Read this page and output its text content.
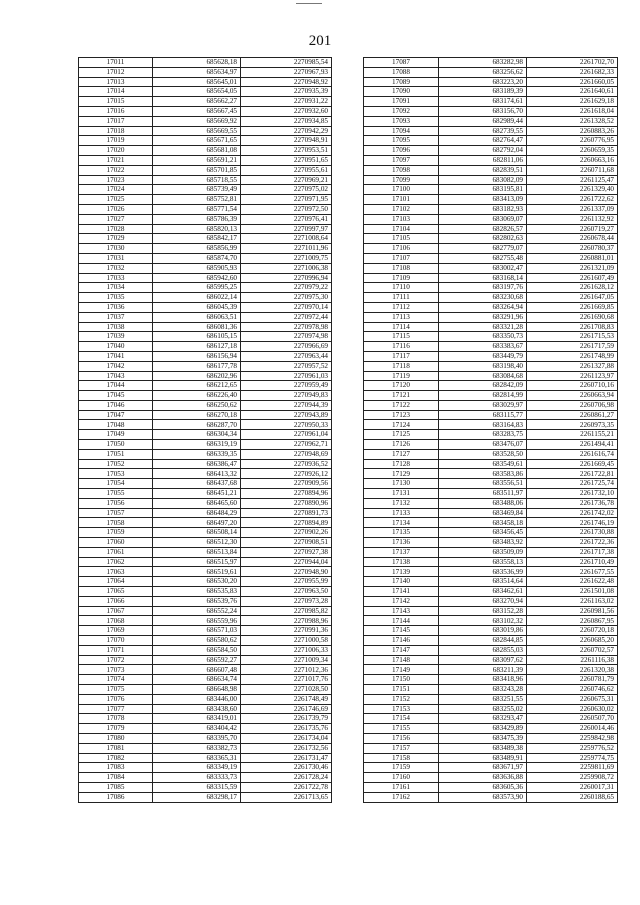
201
17011	685628,18	2270985,54
17012	685634,97	2270967,93
17013	685645,01	2270948,92
17014	685654,05	2270935,39
17015	685662,27	2270931,22
17016	685667,45	2270932,60
17017	685669,92	2270934,85
17018	685669,55	2270942,29
17019	685671,65	2270948,91
17020	685681,08	2270953,51
17021	685691,21	2270951,65
17022	685701,85	2270955,61
17023	685718,55	2270969,21
17024	685739,49	2270975,02
17025	685752,81	2270971,95
17026	685771,54	2270972,50
17027	685786,39	2270976,41
17028	685820,13	2270997,97
17029	685842,17	2271008,64
17030	685856,99	2271011,96
17031	685874,70	2271009,75
17032	685905,93	2271006,38
17033	685942,60	2270996,94
17034	685995,25	2270979,22
17035	686022,14	2270975,30
17036	686045,39	2270970,14
17037	686063,51	2270972,44
17038	686081,36	2270978,98
17039	686105,15	2270974,98
17040	686127,18	2270966,69
17041	686156,94	2270963,44
17042	686177,78	2270957,52
17043	686202,96	2270961,03
17044	686212,65	2270959,49
17045	686226,40	2270949,83
17046	686250,62	2270944,39
17047	686270,18	2270943,89
17048	686287,70	2270950,33
17049	686304,34	2270961,04
17050	686319,19	2270962,71
17051	686339,35	2270948,69
17052	686386,47	2270936,52
17053	686413,32	2270926,12
17054	686437,68	2270909,56
17055	686451,21	2270894,96
17056	686465,60	2270890,96
17057	686484,29	2270891,73
17058	686497,20	2270894,89
17059	686508,14	2270902,26
17060	686512,30	2270908,51
17061	686513,84	2270927,38
17062	686515,97	2270944,04
17063	686519,61	2270948,90
17064	686530,20	2270955,99
17065	686535,83	2270963,50
17066	686539,76	2270973,28
17067	686552,24	2270985,82
17068	686559,96	2270988,96
17069	686571,03	2270991,36
17070	686580,62	2271000,58
17071	686584,50	2271006,33
17072	686592,27	2271009,34
17073	686607,48	2271012,36
17074	686634,74	2271017,76
17075	686648,98	2271028,50
17076	683446,00	2261748,49
17077	683438,60	2261746,69
17078	683419,01	2261739,79
17079	683404,42	2261735,76
17080	683395,70	2261734,04
17081	683382,73	2261732,56
17082	683365,31	2261731,47
17083	683349,19	2261730,46
17084	683333,73	2261728,24
17085	683315,59	2261722,78
17086	683298,17	2261713,65
17087	683282,98	2261702,70
17088	683256,62	2261682,33
17089	683223,20	2261660,05
17090	683189,39	2261640,61
17091	683174,61	2261629,18
17092	683156,70	2261618,04
17093	682989,44	2261328,52
17094	682739,55	2260883,26
17095	682764,47	2260776,95
17096	682792,04	2260659,35
17097	682811,06	2260663,16
17098	682839,51	2260711,68
17099	683082,09	2261125,47
17100	683195,81	2261329,40
17101	683413,09	2261722,62
17102	683182,93	2261337,09
17103	683069,07	2261132,92
17104	682826,57	2260719,27
17105	682802,63	2260678,44
17106	682779,07	2260780,37
17107	682755,48	2260881,01
17108	683002,47	2261321,09
17109	683168,14	2261607,49
17110	683197,76	2261628,12
17111	683230,68	2261647,05
17112	683264,94	2261669,85
17113	683291,96	2261690,68
17114	683321,28	2261708,83
17115	683350,73	2261715,53
17116	683383,67	2261717,59
17117	683449,79	2261748,99
17118	683198,40	2261327,88
17119	683084,68	2261123,97
17120	682842,09	2260710,16
17121	682814,99	2260663,94
17122	683029,97	2260706,98
17123	683115,77	2260861,27
17124	683164,83	2260973,35
17125	683283,75	2261155,21
17126	683476,07	2261494,41
17127	683528,50	2261616,74
17128	683549,61	2261669,45
17129	683583,86	2261722,81
17130	683556,51	2261725,74
17131	683511,97	2261732,10
17132	683488,06	2261736,78
17133	683469,84	2261742,02
17134	683458,18	2261746,19
17135	683456,45	2261730,88
17136	683483,92	2261722,36
17137	683509,09	2261717,38
17138	683558,13	2261710,49
17139	683536,99	2261677,55
17140	683514,64	2261622,48
17141	683462,61	2261501,08
17142	683270,94	2261163,02
17143	683152,28	2260981,56
17144	683102,32	2260867,95
17145	683019,86	2260720,18
17146	682844,85	2260685,20
17147	682855,03	2260702,57
17148	683097,62	2261116,38
17149	683211,39	2261320,38
17150	683418,96	2260781,79
17151	683243,28	2260746,62
17152	683251,55	2260675,31
17153	683255,02	2260630,02
17154	683293,47	2260507,70
17155	683429,89	2260014,46
17156	683475,39	2259842,98
17157	683489,38	2259776,52
17158	683489,91	2259774,75
17159	683671,97	2259811,69
17160	683636,88	2259908,72
17161	683605,36	2260017,31
17162	683573,90	2260188,65
